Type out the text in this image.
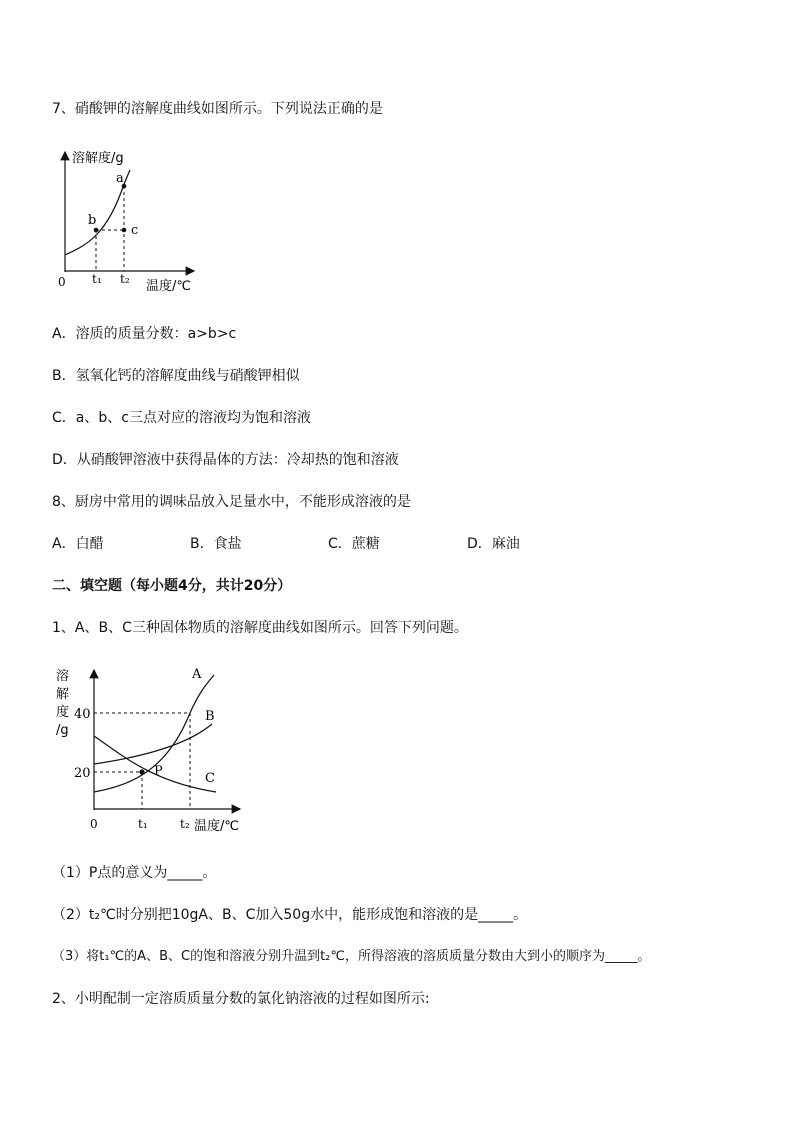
7、硝酸钾的溶解度曲线如图所示。下列说法正确的是
溶解度/g
a
b
c
0 t₁ t₂ 温度/℃
A．溶质的质量分数：a>b>c
B．氢氧化钙的溶解度曲线与硝酸钾相似
C．a、b、c三点对应的溶液均为饱和溶液
D．从硝酸钾溶液中获得晶体的方法：冷却热的饱和溶液
8、厨房中常用的调味品放入足量水中，不能形成溶液的是
A．白醋	B．食盐	C．蔗糖	D．麻油
二、填空题（每小题4分，共计20分）
1、A、B、C三种固体物质的溶解度曲线如图所示。回答下列问题。
溶
解
度
/g
40
20	P
A
B
C
0	t₁	t₂ 温度/℃
（1）P点的意义为_____。
（2）t₂℃时分别把10gA、B、C加入50g水中，能形成饱和溶液的是_____。
（3）将t₁℃的A、B、C的饱和溶液分别升温到t₂℃，所得溶液的溶质质量分数由大到小的顺序为_____。
2、小明配制一定溶质质量分数的氯化钠溶液的过程如图所示:
